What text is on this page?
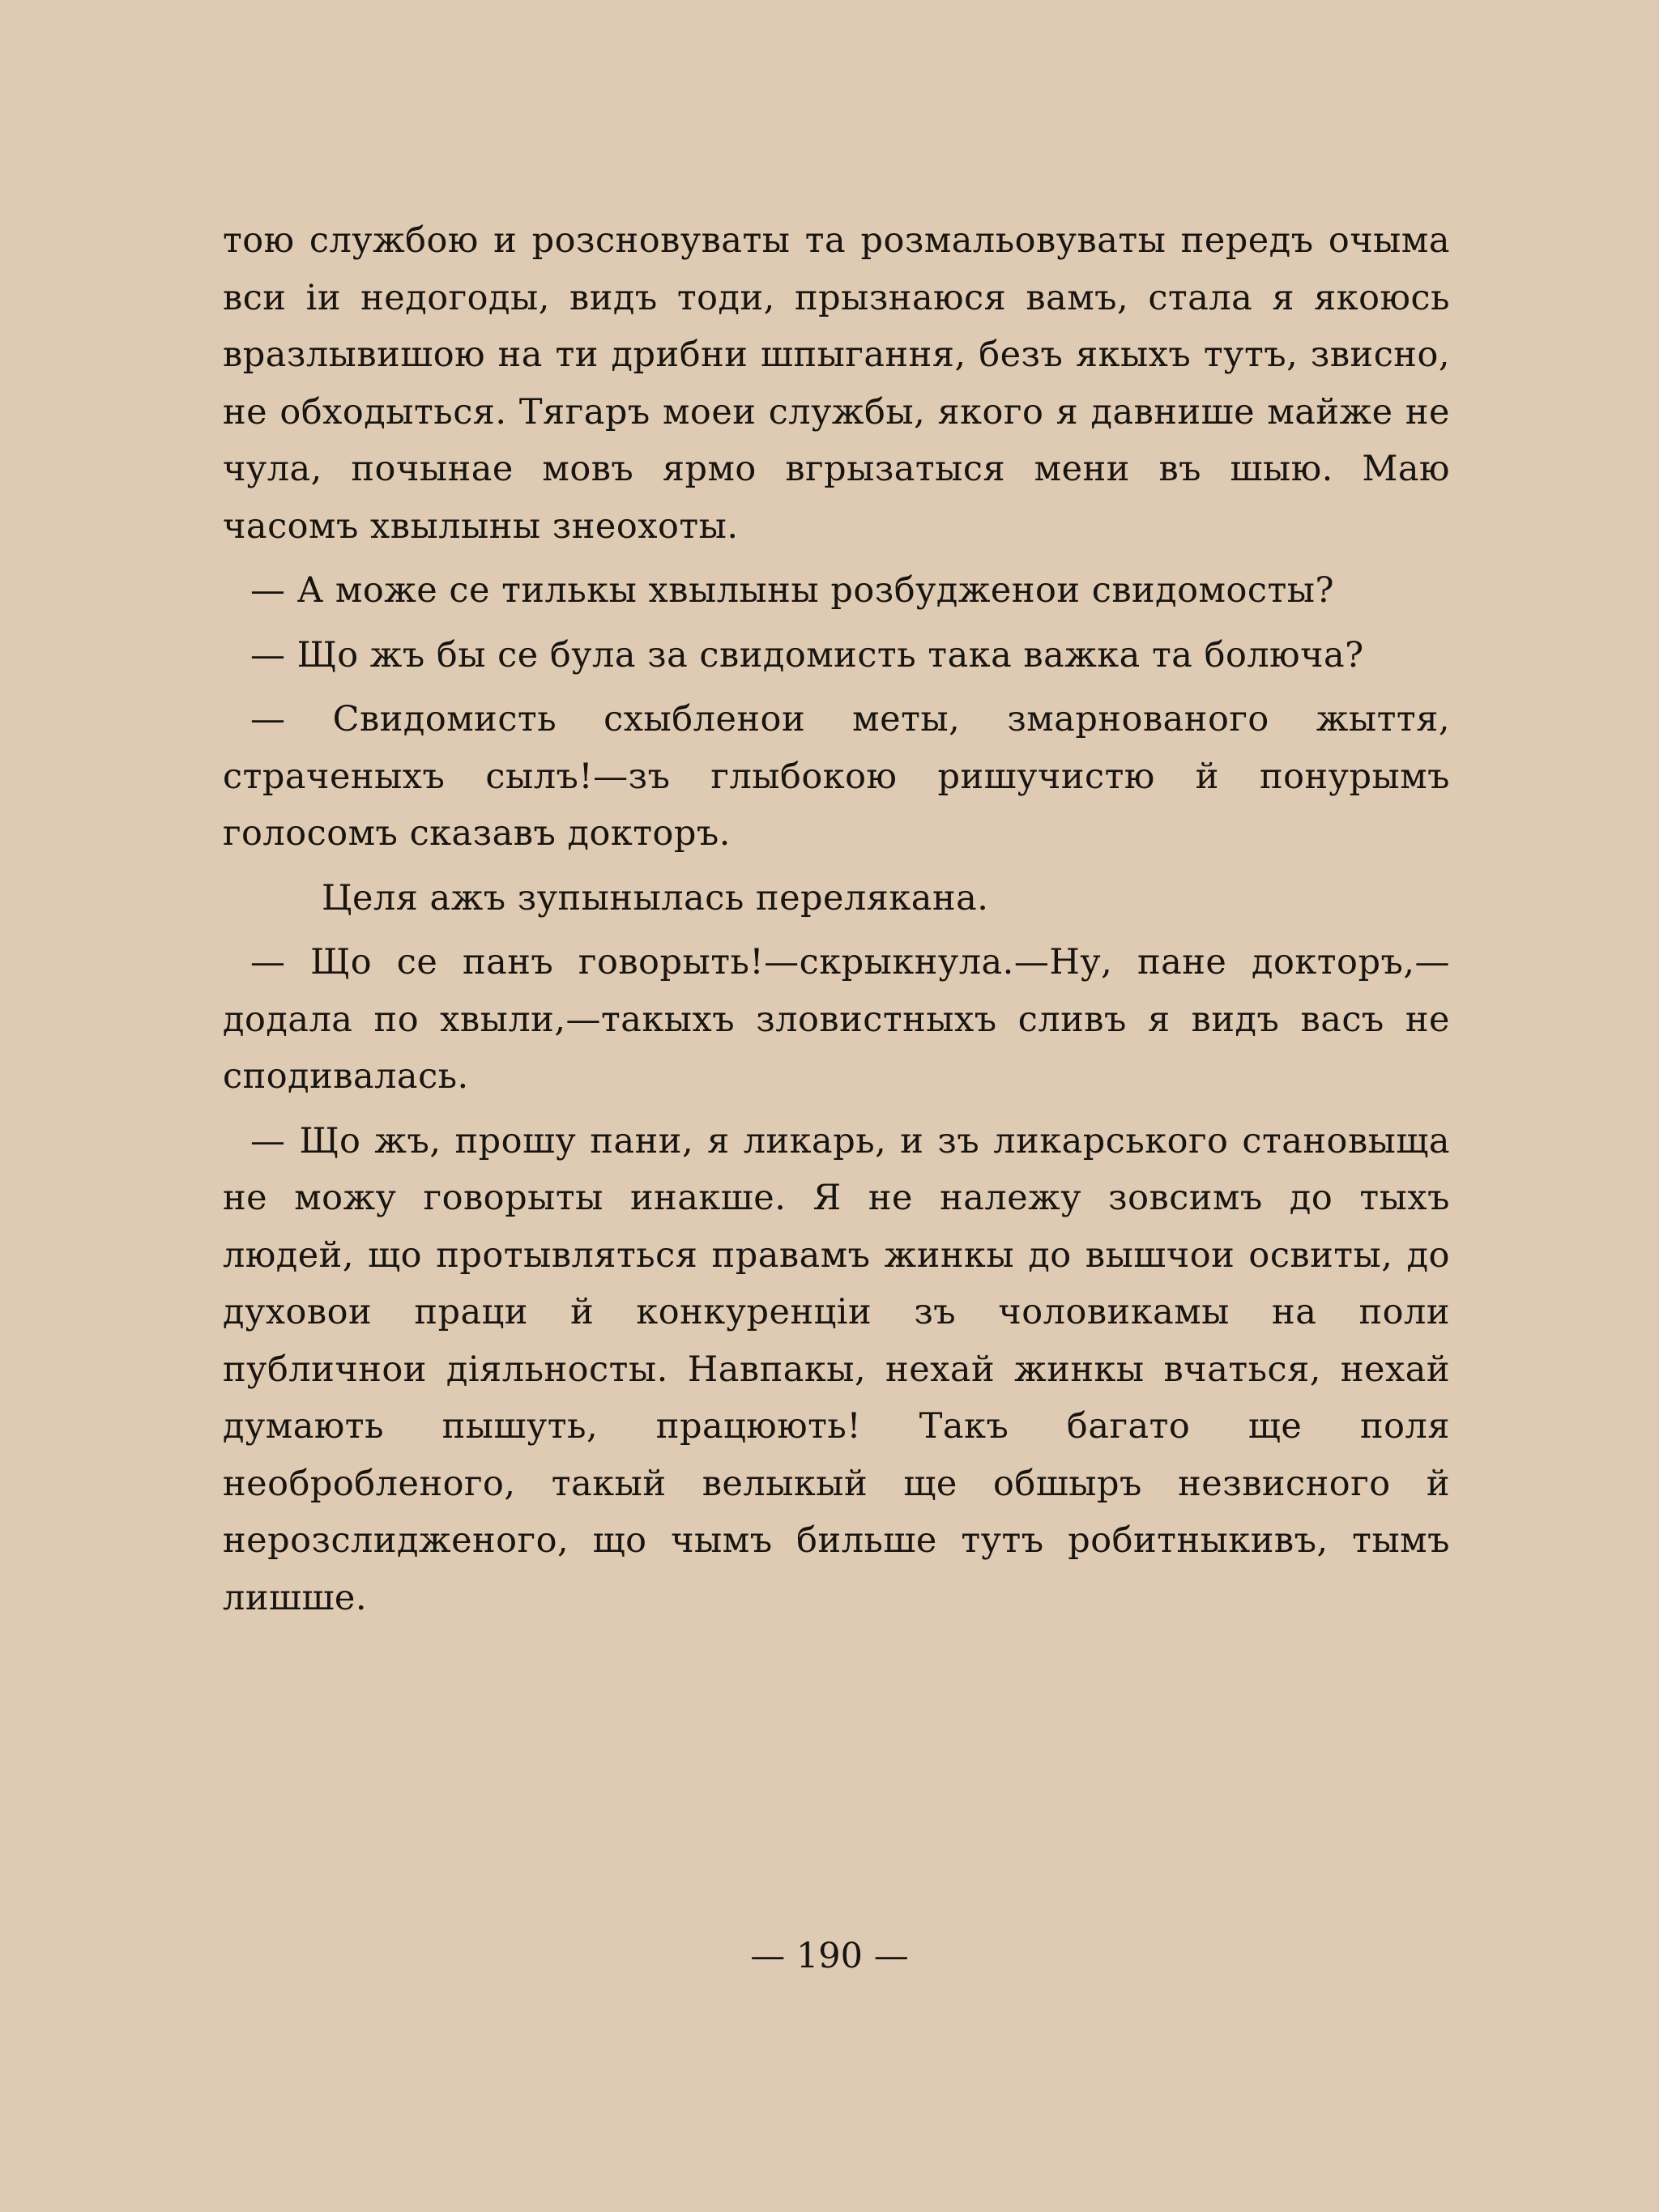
тою службою и розсновуваты та розмальовуваты передъ очыма вси іи недогоды, видъ тоди, прызнаюся вамъ, стала я якоюсь вразлывишою на ти дрибни шпыгання, безъ якыхъ тутъ, звисно, не обходыться. Тягаръ моеи службы, якого я давнише майже не чула, почынае мовъ ярмо вгрызатыся мени въ шыю. Маю часомъ хвылыны знеохоты.

— А може се тилькы хвылыны розбудженои свидомосты?

— Що жъ бы се була за свидомисть така важка та болюча?

— Свидомисть схыбленои меты, змарнованого жыття, страченыхъ сылъ!—зъ глыбокою ришучистю й понурымъ голосомъ сказавъ докторъ.

Целя ажъ зупынылась перелякана.

— Що се панъ говорыть!—скрыкнула.—Ну, пане докторъ,—додала по хвыли,—такыхъ зловистныхъ сливъ я видъ васъ не сподивалась.

— Що жъ, прошу пани, я ликарь, и зъ ликарського становыща не можу говорыты инакше. Я не належу зовсимъ до тыхъ людей, що протывляться правамъ жинкы до вышчои освиты, до духовои праци й конкуренціи зъ чоловикамы на поли публичнои діяльносты. Навпакы, нехай жинкы вчаться, нехай думають пышуть, працюють! Такъ багато ще поля необробленого, такый велыкый ще обшыръ незвисного й нерозслидженого, що чымъ бильше тутъ робитныкивъ, тымъ лишше.

— 190 —
